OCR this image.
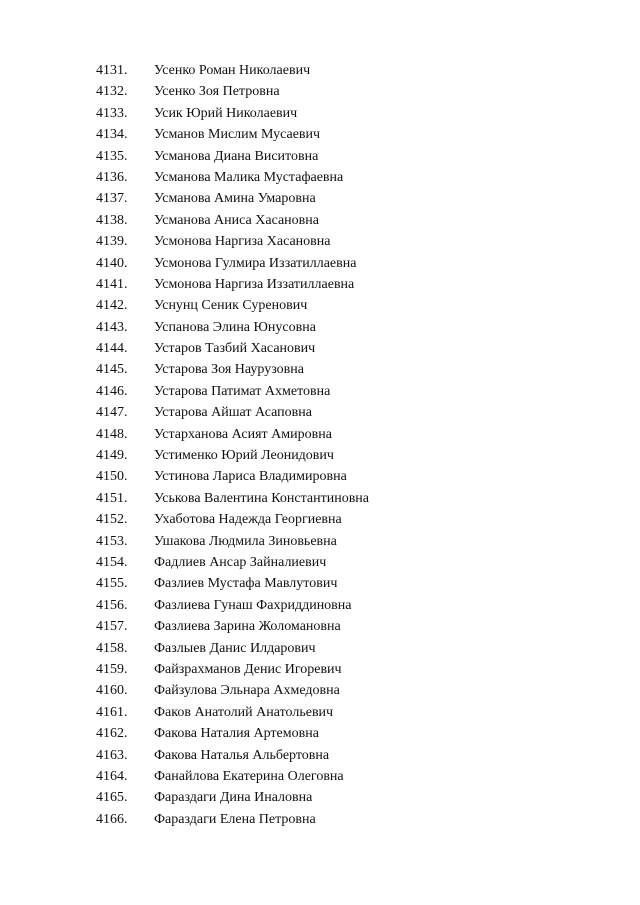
4131. Усенко Роман Николаевич
4132. Усенко Зоя Петровна
4133. Усик Юрий Николаевич
4134. Усманов Мислим Мусаевич
4135. Усманова Диана Виситовна
4136. Усманова Малика Мустафаевна
4137. Усманова Амина Умаровна
4138. Усманова Аниса Хасановна
4139. Усмонова Наргиза Хасановна
4140. Усмонова Гулмира Иззатиллаевна
4141. Усмонова Наргиза Иззатиллаевна
4142. Уснунц Сеник Суренович
4143. Успанова Элина Юнусовна
4144. Устаров Тазбий Хасанович
4145. Устарова Зоя Наурузовна
4146. Устарова Патимат Ахметовна
4147. Устарова Айшат Асаповна
4148. Устарханова Асият Амировна
4149. Устименко Юрий Леонидович
4150. Устинова Лариса Владимировна
4151. Уськова Валентина Константиновна
4152. Ухаботова Надежда Георгиевна
4153. Ушакова Людмила Зиновьевна
4154. Фадлиев Ансар Зайналиевич
4155. Фазлиев Мустафа Мавлутович
4156. Фазлиева Гунаш Фахриддиновна
4157. Фазлиева Зарина Жоломановна
4158. Фазлыев Данис Илдарович
4159. Файзрахманов Денис Игоревич
4160. Файзулова Эльнара Ахмедовна
4161. Факов Анатолий Анатольевич
4162. Факова Наталия Артемовна
4163. Факова Наталья Альбертовна
4164. Фанайлова Екатерина Олеговна
4165. Фараздаги Дина Иналовна
4166. Фараздаги Елена Петровна
